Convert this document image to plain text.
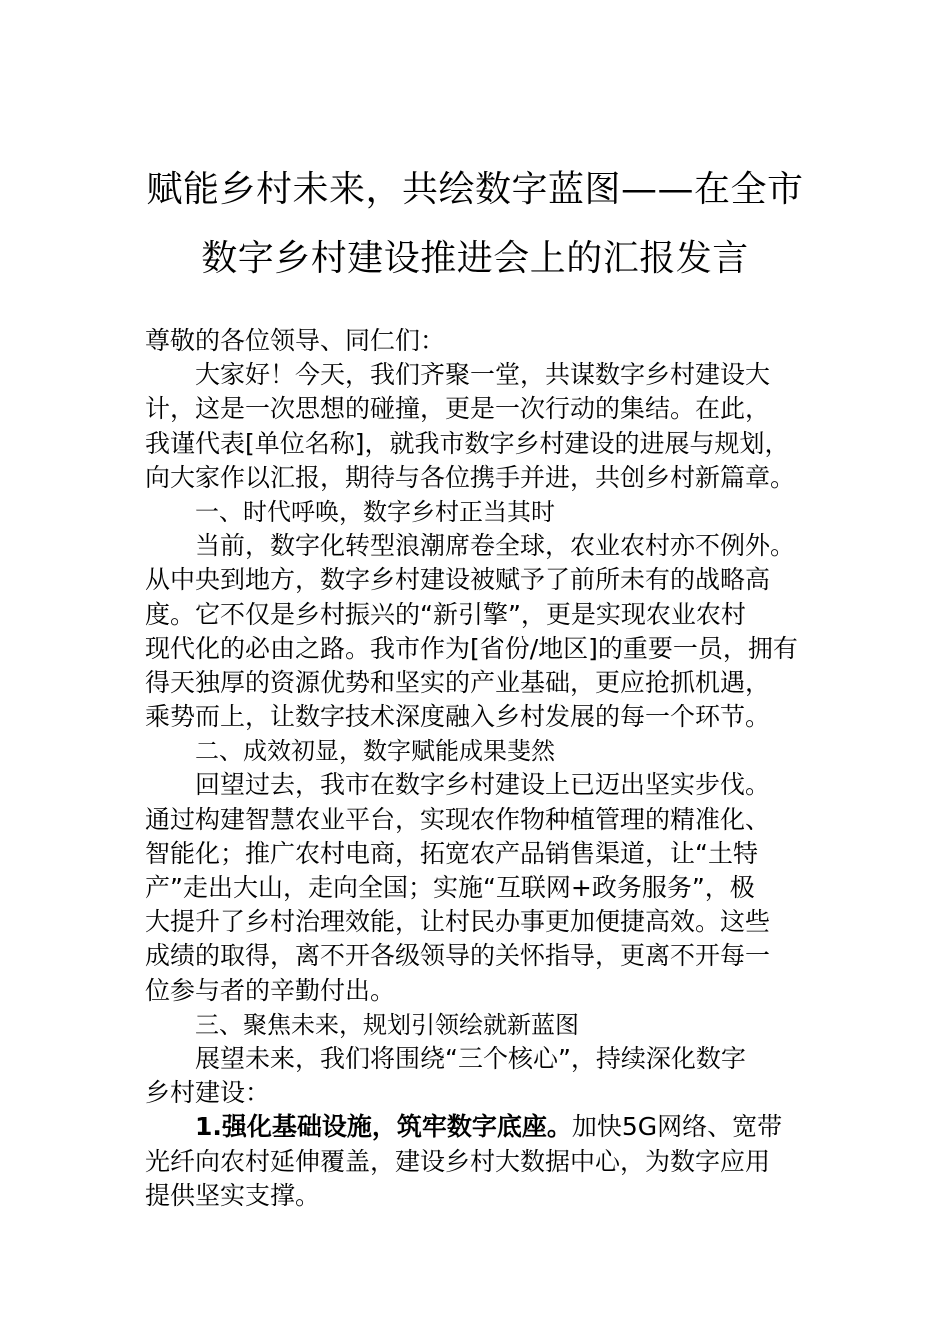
赋能乡村未来，共绘数字蓝图——在全市
数字乡村建设推进会上的汇报发言
尊敬的各位领导、同仁们：
大家好！今天，我们齐聚一堂，共谋数字乡村建设大
计，这是一次思想的碰撞，更是一次行动的集结。在此，
我谨代表[单位名称]，就我市数字乡村建设的进展与规划，
向大家作以汇报，期待与各位携手并进，共创乡村新篇章。
一、时代呼唤，数字乡村正当其时
当前，数字化转型浪潮席卷全球，农业农村亦不例外。
从中央到地方，数字乡村建设被赋予了前所未有的战略高
度。它不仅是乡村振兴的“新引擎”，更是实现农业农村
现代化的必由之路。我市作为[省份/地区]的重要一员，拥有
得天独厚的资源优势和坚实的产业基础，更应抢抓机遇，
乘势而上，让数字技术深度融入乡村发展的每一个环节。
二、成效初显，数字赋能成果斐然
回望过去，我市在数字乡村建设上已迈出坚实步伐。
通过构建智慧农业平台，实现农作物种植管理的精准化、
智能化；推广农村电商，拓宽农产品销售渠道，让“土特
产”走出大山，走向全国；实施“互联网+政务服务”，极
大提升了乡村治理效能，让村民办事更加便捷高效。这些
成绩的取得，离不开各级领导的关怀指导，更离不开每一
位参与者的辛勤付出。
三、聚焦未来，规划引领绘就新蓝图
展望未来，我们将围绕“三个核心”，持续深化数字
乡村建设：
1.强化基础设施，筑牢数字底座。加快5G网络、宽带
光纤向农村延伸覆盖，建设乡村大数据中心，为数字应用
提供坚实支撑。
